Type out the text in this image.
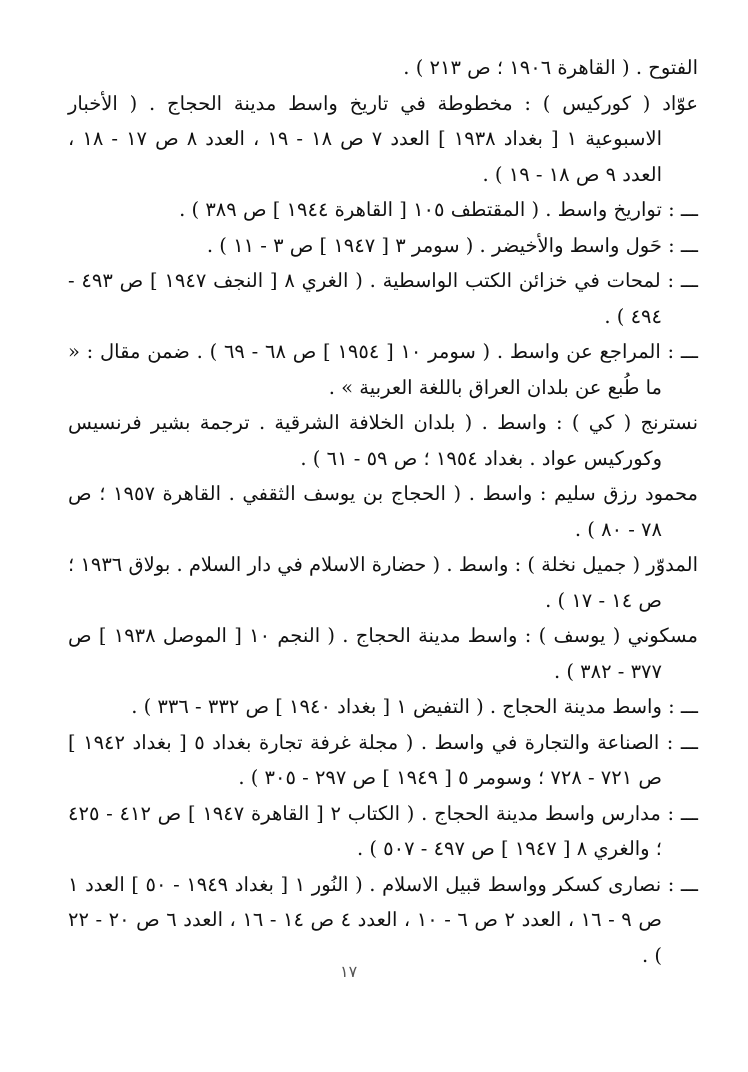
الفتوح . ( القاهرة ١٩٠٦ ؛ ص ٢١٣ ) .

عوّاد ( كوركيس ) : مخطوطة في تاريخ واسط مدينة الحجاج . ( الأخبار الاسبوعية ١ [ بغداد ١٩٣٨ ] العدد ٧ ص ١٨ - ١٩ ، العدد ٨ ص ١٧ - ١٨ ، العدد ٩ ص ١٨ - ١٩ ) .

ـــ : تواريخ واسط . ( المقتطف ١٠٥ [ القاهرة ١٩٤٤ ] ص ٣٨٩ ) .

ـــ : حَول واسط والأخيضر . ( سومر ٣ [ ١٩٤٧ ] ص ٣ - ١١ ) .

ـــ : لمحات في خزائن الكتب الواسطية . ( الغري ٨ [ النجف ١٩٤٧ ] ص ٤٩٣ - ٤٩٤ ) .

ـــ : المراجع عن واسط . ( سومر ١٠ [ ١٩٥٤ ] ص ٦٨ - ٦٩ ) . ضمن مقال : « ما طُبع عن بلدان العراق باللغة العربية » .

نسترنج ( كي ) : واسط . ( بلدان الخلافة الشرقية . ترجمة بشير فرنسيس وكوركيس عواد . بغداد ١٩٥٤ ؛ ص ٥٩ - ٦١ ) .

محمود رزق سليم : واسط . ( الحجاج بن يوسف الثقفي . القاهرة ١٩٥٧ ؛ ص ٧٨ - ٨٠ ) .

المدوّر ( جميل نخلة ) : واسط . ( حضارة الاسلام في دار السلام . بولاق ١٩٣٦ ؛ ص ١٤ - ١٧ ) .

مسكوني ( يوسف ) : واسط مدينة الحجاج . ( النجم ١٠ [ الموصل ١٩٣٨ ] ص ٣٧٧ - ٣٨٢ ) .

ـــ : واسط مدينة الحجاج . ( التفيض ١ [ بغداد ١٩٤٠ ] ص ٣٣٢ - ٣٣٦ ) .

ـــ : الصناعة والتجارة في واسط . ( مجلة غرفة تجارة بغداد ٥ [ بغداد ١٩٤٢ ] ص ٧٢١ - ٧٢٨ ؛ وسومر ٥ [ ١٩٤٩ ] ص ٢٩٧ - ٣٠٥ ) .

ـــ : مدارس واسط مدينة الحجاج . ( الكتاب ٢ [ القاهرة ١٩٤٧ ] ص ٤١٢ - ٤٢٥ ؛ والغري ٨ [ ١٩٤٧ ] ص ٤٩٧ - ٥٠٧ ) .

ـــ : نصارى كسكر وواسط قبيل الاسلام . ( النُور ١ [ بغداد ١٩٤٩ - ٥٠ ] العدد ١ ص ٩ - ١٦ ، العدد ٢ ص ٦ - ١٠ ، العدد ٤ ص ١٤ - ١٦ ، العدد ٦ ص ٢٠ - ٢٢ ) .

١٧
